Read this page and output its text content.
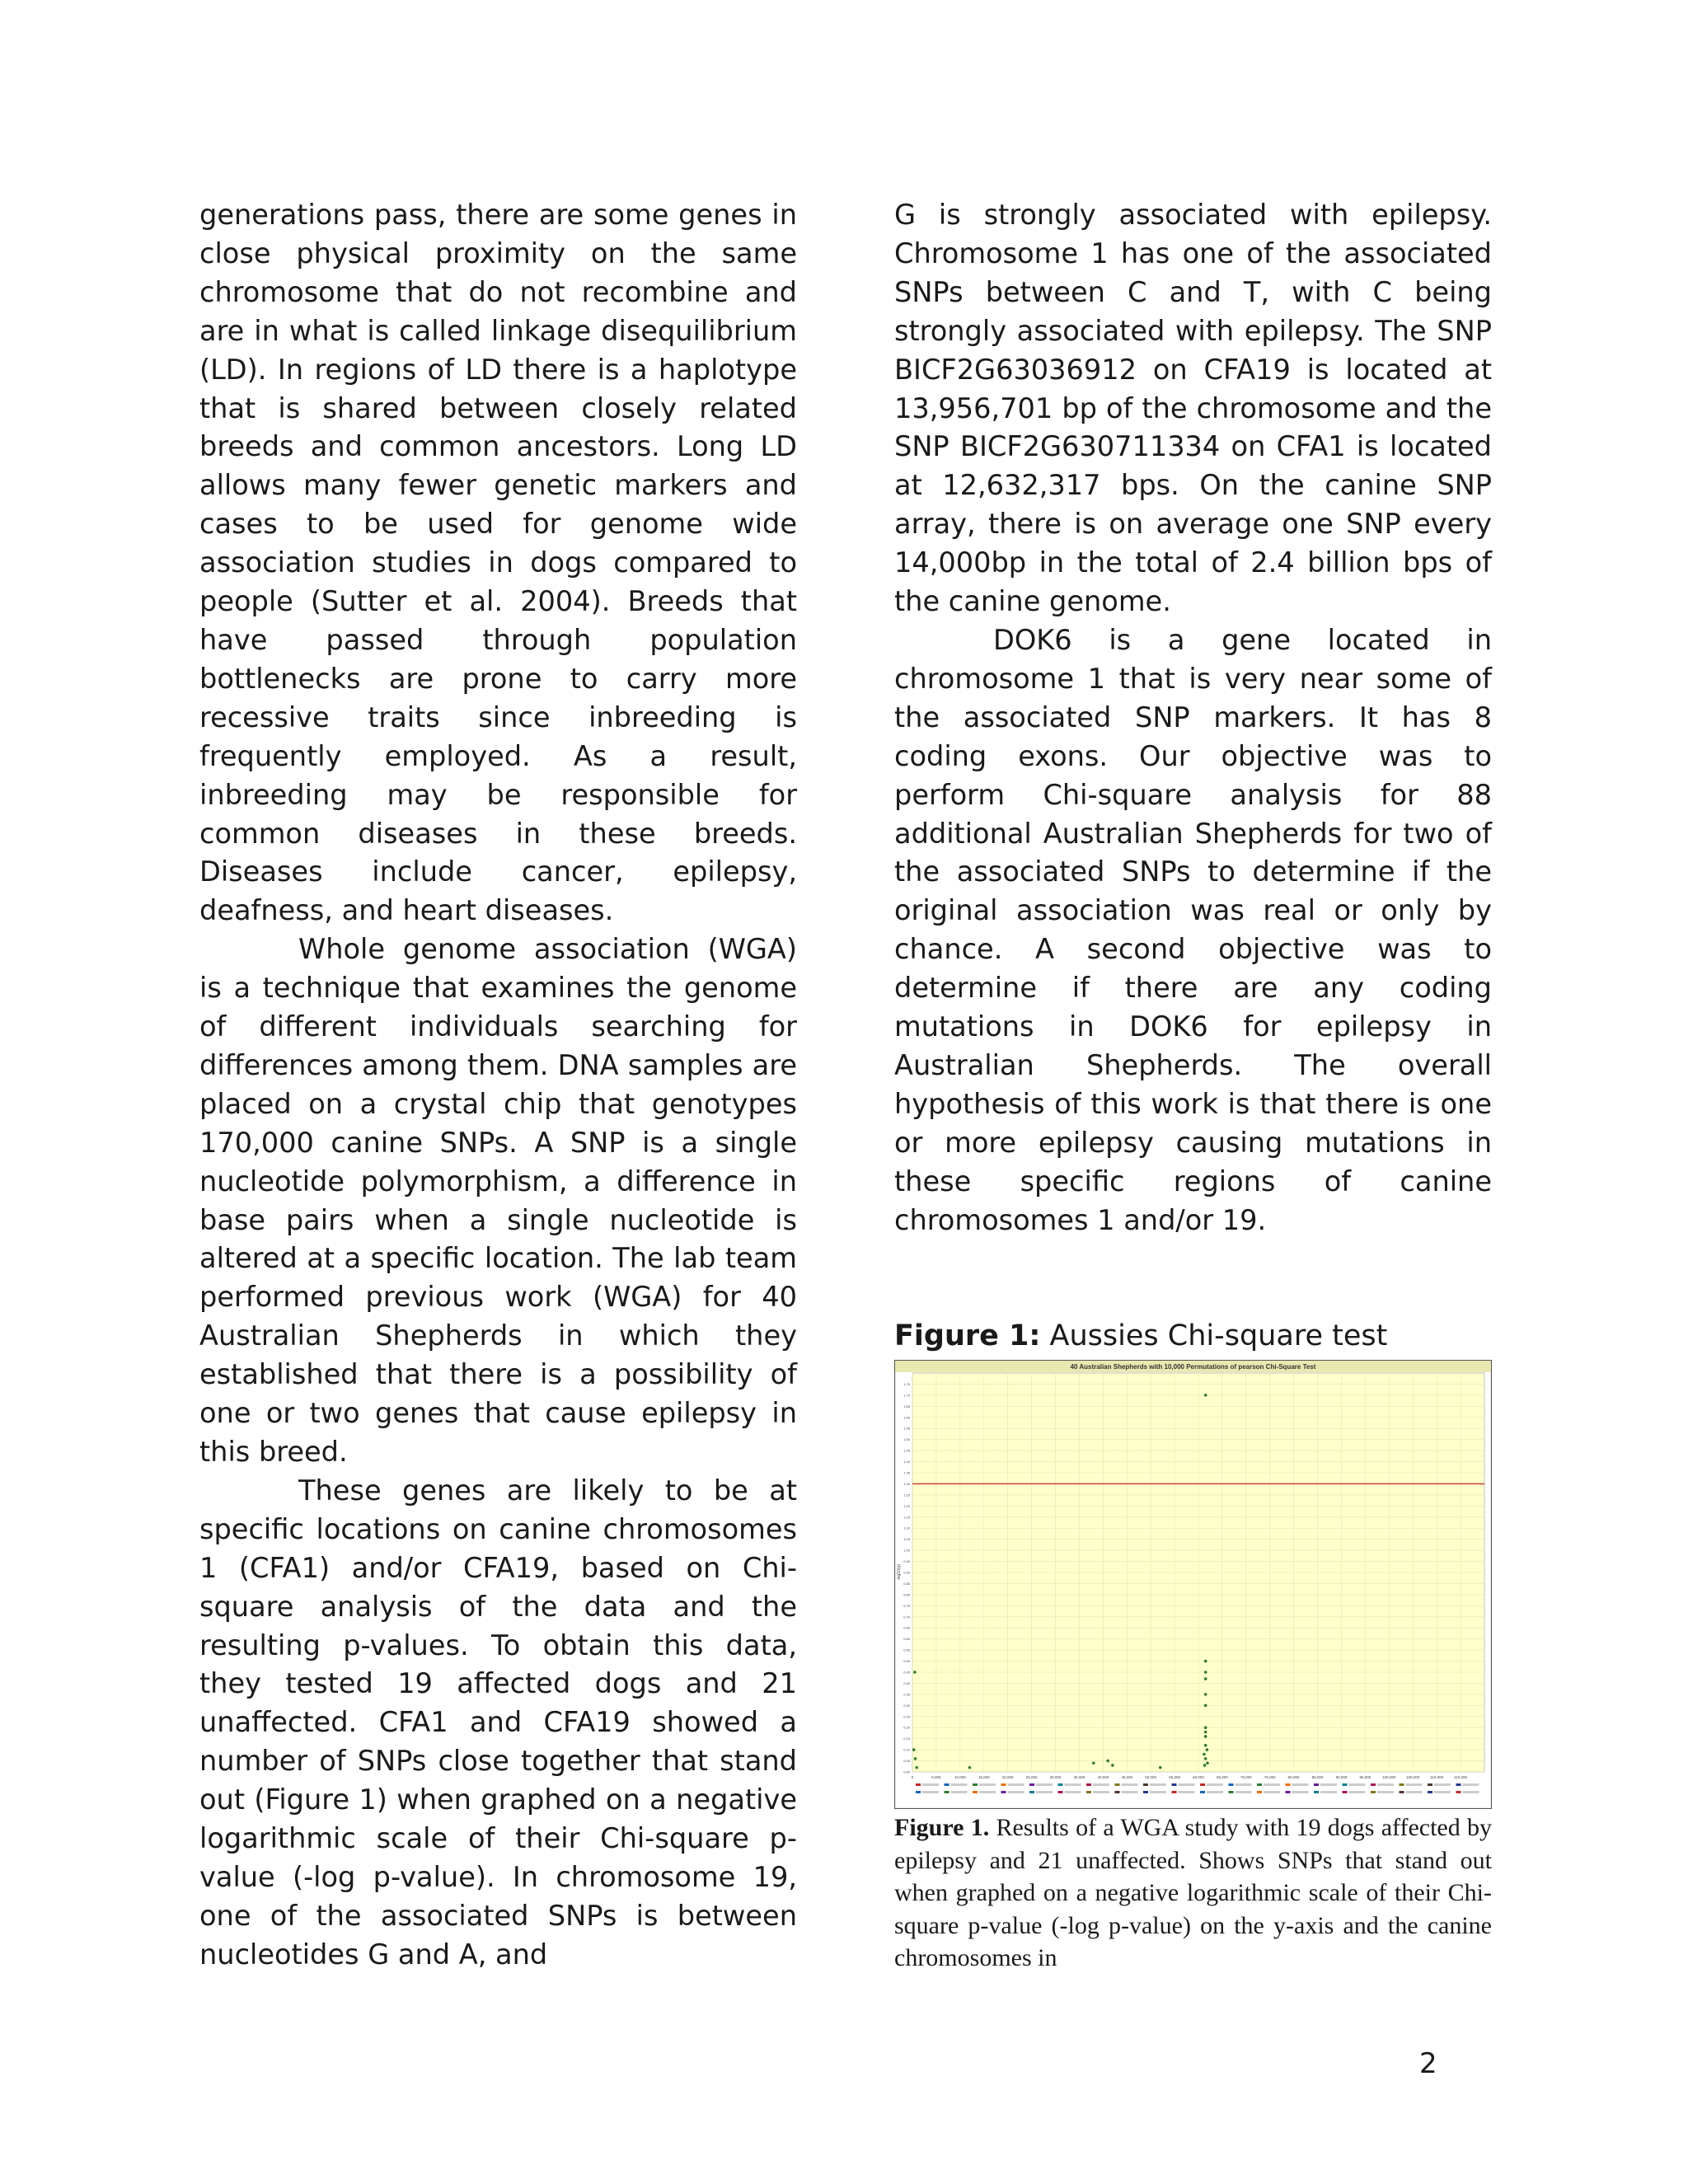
generations pass, there are some genes in close physical proximity on the same chromosome that do not recombine and are in what is called linkage disequilibrium (LD). In regions of LD there is a haplotype that is shared between closely related breeds and common ancestors. Long LD allows many fewer genetic markers and cases to be used for genome wide association studies in dogs compared to people (Sutter et al. 2004). Breeds that have passed through population bottlenecks are prone to carry more recessive traits since inbreeding is frequently employed. As a result, inbreeding may be responsible for common diseases in these breeds. Diseases include cancer, epilepsy, deafness, and heart diseases.

Whole genome association (WGA) is a technique that examines the genome of different individuals searching for differences among them. DNA samples are placed on a crystal chip that genotypes 170,000 canine SNPs. A SNP is a single nucleotide polymorphism, a difference in base pairs when a single nucleotide is altered at a specific location. The lab team performed previous work (WGA) for 40 Australian Shepherds in which they established that there is a possibility of one or two genes that cause epilepsy in this breed.

These genes are likely to be at specific locations on canine chromosomes 1 (CFA1) and/or CFA19, based on Chi-square analysis of the data and the resulting p-values. To obtain this data, they tested 19 affected dogs and 21 unaffected. CFA1 and CFA19 showed a number of SNPs close together that stand out (Figure 1) when graphed on a negative logarithmic scale of their Chi-square p-value (-log p-value). In chromosome 19, one of the associated SNPs is between nucleotides G and A, and

G is strongly associated with epilepsy. Chromosome 1 has one of the associated SNPs between C and T, with C being strongly associated with epilepsy. The SNP BICF2G63036912 on CFA19 is located at 13,956,701 bp of the chromosome and the SNP BICF2G630711334 on CFA1 is located at 12,632,317 bps. On the canine SNP array, there is on average one SNP every 14,000bp in the total of 2.4 billion bps of the canine genome.

DOK6 is a gene located in chromosome 1 that is very near some of the associated SNP markers. It has 8 coding exons. Our objective was to perform Chi-square analysis for 88 additional Australian Shepherds for two of the associated SNPs to determine if the original association was real or only by chance. A second objective was to determine if there are any coding mutations in DOK6 for epilepsy in Australian Shepherds. The overall hypothesis of this work is that there is one or more epilepsy causing mutations in these specific regions of canine chromosomes 1 and/or 19.

Figure 1: Aussies Chi-square test
40 Australian Shepherds with 10,000 Permutations of pearson Chi-Square Test
0	5,000	10,000	15,000	20,000	25,000	30,000	35,000	40,000	45,000	50,000	55,000	60,000	65,000	70,000	75,000	80,000	85,000	90,000	95,000	100,000	105,000	110,000	115,000
0.00
0.05
0.10
0.15
0.20
0.25
0.30
0.35
0.40
0.45
0.50
0.55
0.60
0.65
0.70
0.75
0.80
0.85
0.90
0.95
1.00
1.05
1.10
1.15
1.20
1.25
1.30
1.35
1.40
1.45
1.50
1.55
1.60
1.65
1.70
1.75
-log10(p)
Figure 1. Results of a WGA study with 19 dogs affected by epilepsy and 21 unaffected. Shows SNPs that stand out when graphed on a negative logarithmic scale of their Chi-square p-value (-log p-value) on the y-axis and the canine chromosomes in
2
